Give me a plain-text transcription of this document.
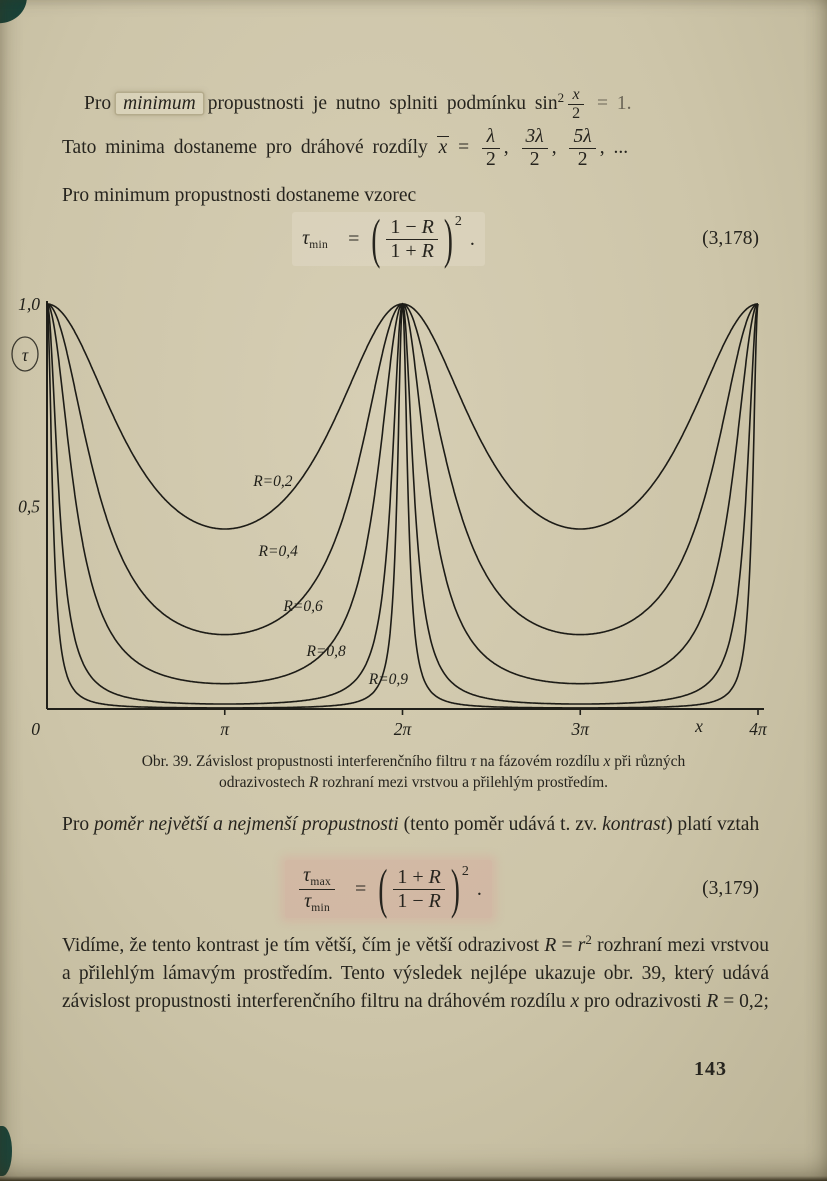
Pro minimum propustnosti je nutno splniti podmínku $\sin^2 \frac{x}{2} = 1$.
Tato minima dostaneme pro dráhové rozdíly $x = \frac{\lambda}{2}$ , $\frac{3\lambda}{2}$ , $\frac{5\lambda}{2}$ , ...
Pro minimum propustnosti dostaneme vzorec
$\tau_{min}$ = ( $\frac{1 - R}{1 + R}$ ) 2
.	(3,178)
π	2π	3π	4π
x
1,0
0,5
0
τ
R=0,2
R=0,4
R=0,6
R=0,8
R=0,9
Obr. 39. Závislost propustnosti interferenčního filtru τ na fázovém rozdílu x při různých
odrazivostech R rozhraní mezi vrstvou a přilehlým prostředím.
Pro poměr největší a nejmenší propustnosti (tento poměr udává t. zv. kontrast) platí vztah
$\frac{\tau_{max}}{\tau_{min}}$ = ( $\frac{1 + R}{1 - R}$ ) 2
.	(3,179)
Vidíme, že tento kontrast je tím větší, čím je větší odrazivost $R = r^2$ rozhraní mezi vrstvou a přilehlým lámavým prostředím. Tento výsledek nejlépe ukazuje obr. 39, který udává závislost propustnosti interferenčního filtru na dráhovém rozdílu x pro odrazivosti R = 0,2;
143
